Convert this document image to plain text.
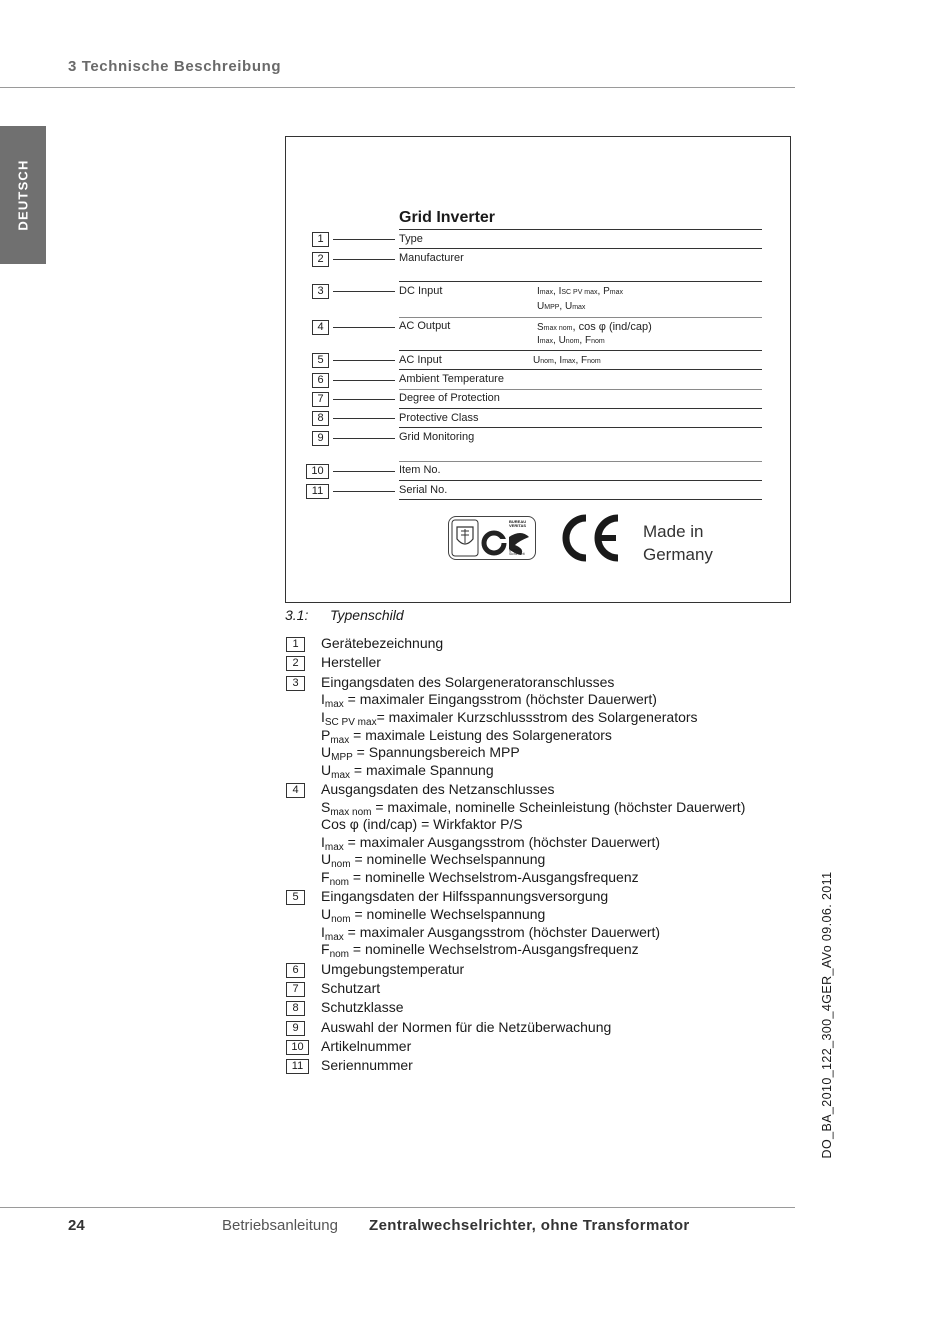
3 Technische Beschreibung
DEUTSCH	Grid Inverter
1	Type
2	Manufacturer
3	DC Input	Imax, ISC PV max, Pmax
UMPP, Umax
4	AC Output	Smax nom, cos φ (ind/cap)
Imax, Unom, Fnom
5	AC Input	Unom, Imax, Fnom
6	Ambient Temperature
7	Degree of Protection
8	Protective Class
9	Grid Monitoring
10	Item No.
11	Serial No.
BUREAU VERITAS
geprüfte Sicherheit
Made in
Germany
3.1: Typenschild
1	Gerätebezeichnung
2	Hersteller
3	Eingangsdaten des Solargeneratoranschlusses
$I_{max}$ = maximaler Eingangsstrom (höchster Dauerwert)
$I_{SC PV max}=$ maximaler Kurzschlussstrom des Solargenerators
$P_{max}$ = maximale Leistung des Solargenerators
$U_{MPP}$ = Spannungsbereich MPP
$U_{max}$ = maximale Spannung
4	Ausgangsdaten des Netzanschlusses
$S_{max nom}$ = maximale, nominelle Scheinleistung (höchster Dauerwert)
Cos φ (ind/cap) = Wirkfaktor P/S
$I_{max}$ = maximaler Ausgangsstrom (höchster Dauerwert)
$U_{nom}$ = nominelle Wechselspannung
$F_{nom}$ = nominelle Wechselstrom-Ausgangsfrequenz
5	Eingangsdaten der Hilfsspannungsversorgung
$U_{nom}$ = nominelle Wechselspannung
$I_{max}$ = maximaler Ausgangsstrom (höchster Dauerwert)
$F_{nom}$ = nominelle Wechselstrom-Ausgangsfrequenz
6	Umgebungstemperatur
7	Schutzart
8	Schutzklasse
9	Auswahl der Normen für die Netzüberwachung
10	Artikelnummer
11	Seriennummer	DO_BA_2010_122_300_4GER_AVo 09.06. 2011
24	Betriebsanleitung Zentralwechselrichter, ohne Transformator
